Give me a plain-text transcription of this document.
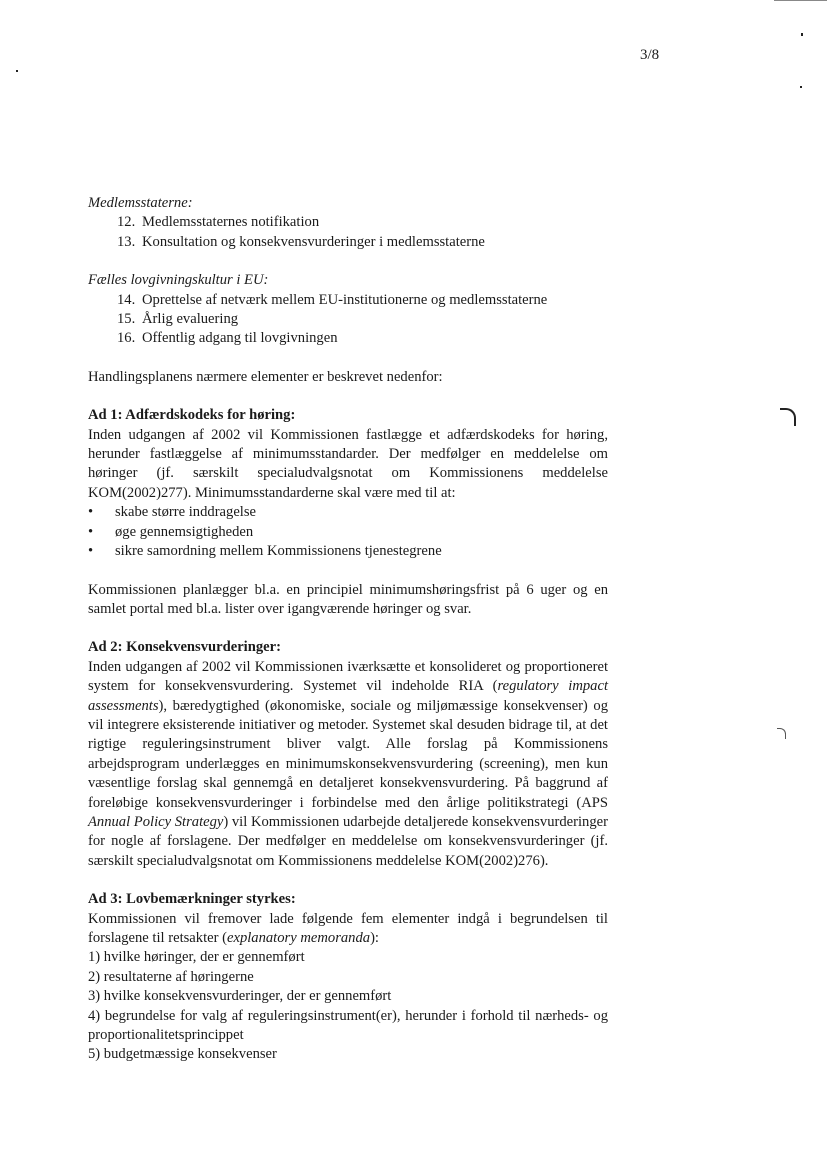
3/8
Medlemsstaterne:
12. Medlemsstaternes notifikation
13. Konsultation og konsekvensvurderinger i medlemsstaterne
Fælles lovgivningskultur i EU:
14. Oprettelse af netværk mellem EU-institutionerne og medlemsstaterne
15. Årlig evaluering
16. Offentlig adgang til lovgivningen
Handlingsplanens nærmere elementer er beskrevet nedenfor:
Ad 1: Adfærdskodeks for høring:
Inden udgangen af 2002 vil Kommissionen fastlægge et adfærdskodeks for høring, herunder fastlæggelse af minimumsstandarder. Der medfølger en meddelelse om høringer (jf. særskilt specialudvalgsnotat om Kommissionens meddelelse KOM(2002)277). Minimumsstandarderne skal være med til at:
• skabe større inddragelse
• øge gennemsigtigheden
• sikre samordning mellem Kommissionens tjenestegrene
Kommissionen planlægger bl.a. en principiel minimumshøringsfrist på 6 uger og en samlet portal med bl.a. lister over igangværende høringer og svar.
Ad 2: Konsekvensvurderinger:
Inden udgangen af 2002 vil Kommissionen iværksætte et konsolideret og proportioneret system for konsekvensvurdering. Systemet vil indeholde RIA (regulatory impact assessments), bæredygtighed (økonomiske, sociale og miljømæssige konsekvenser) og vil integrere eksisterende initiativer og metoder. Systemet skal desuden bidrage til, at det rigtige reguleringsinstrument bliver valgt. Alle forslag på Kommissionens arbejdsprogram underlægges en minimumskonsekvensvurdering (screening), men kun væsentlige forslag skal gennemgå en detaljeret konsekvensvurdering. På baggrund af foreløbige konsekvensvurderinger i forbindelse med den årlige politikstrategi (APS Annual Policy Strategy) vil Kommissionen udarbejde detaljerede konsekvensvurderinger for nogle af forslagene. Der medfølger en meddelelse om konsekvensvurderinger (jf. særskilt specialudvalgsnotat om Kommissionens meddelelse KOM(2002)276).
Ad 3: Lovbemærkninger styrkes:
Kommissionen vil fremover lade følgende fem elementer indgå i begrundelsen til forslagene til retsakter (explanatory memoranda):
1) hvilke høringer, der er gennemført
2) resultaterne af høringerne
3) hvilke konsekvensvurderinger, der er gennemført
4) begrundelse for valg af reguleringsinstrument(er), herunder i forhold til nærheds- og proportionalitetsprincippet
5) budgetmæssige konsekvenser
